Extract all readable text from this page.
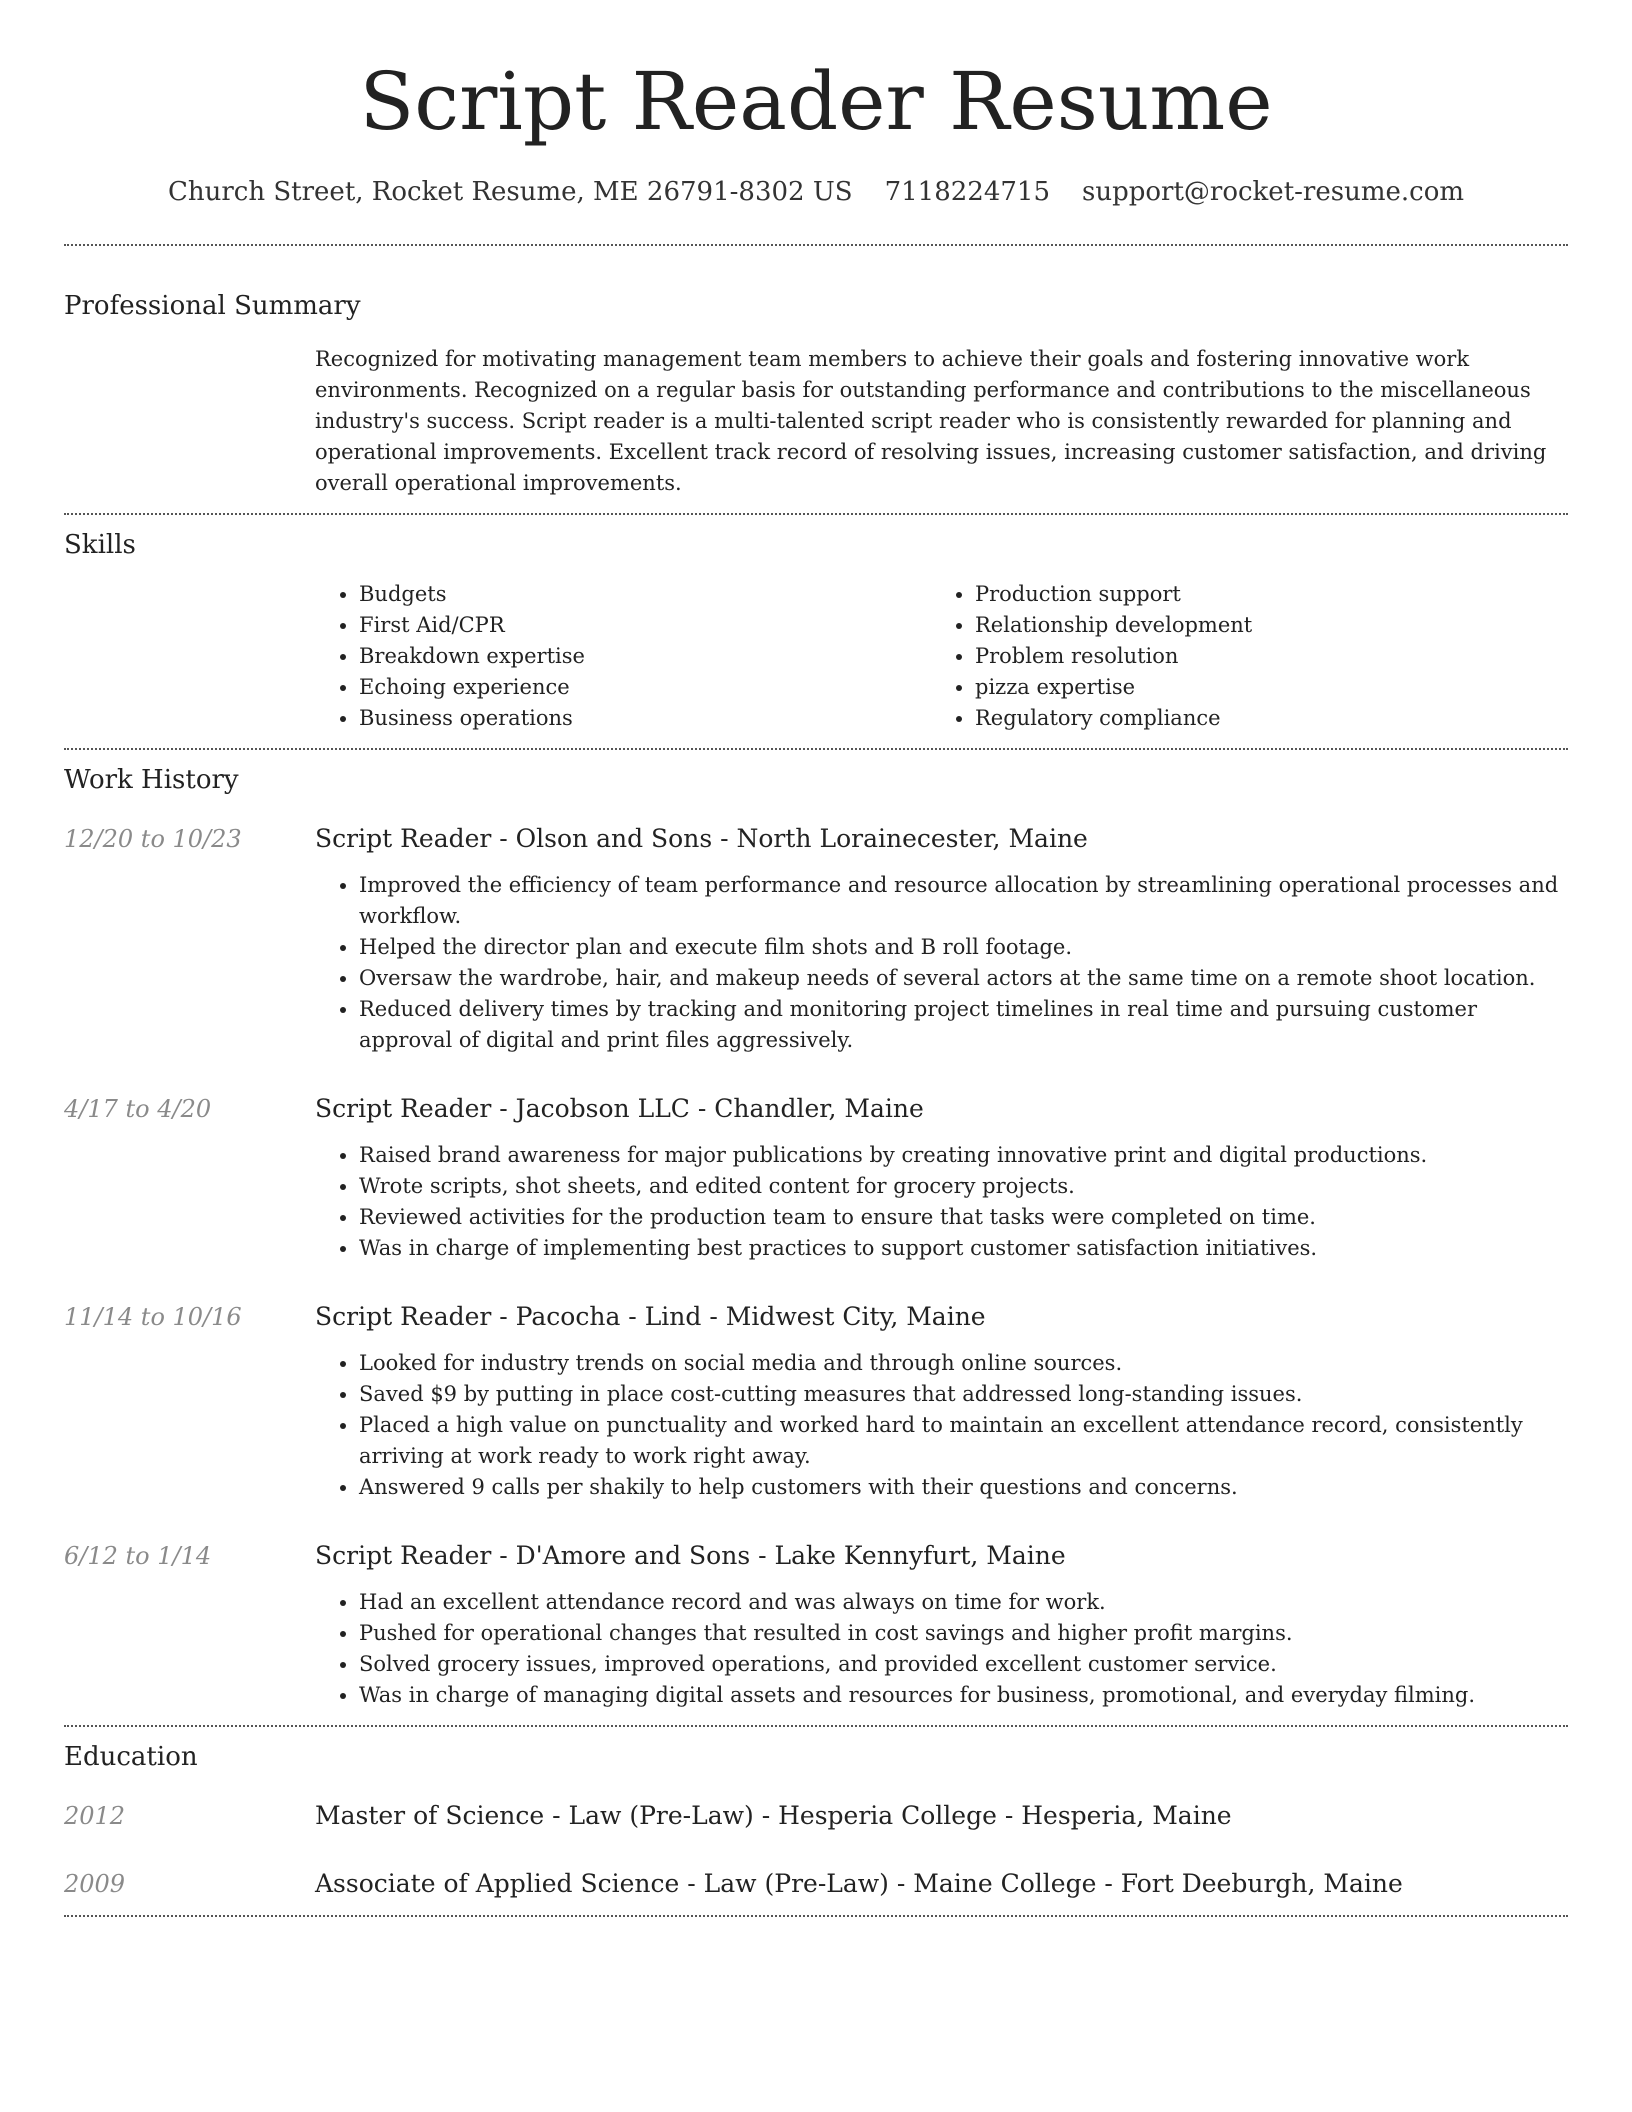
Script Reader Resume
Church Street, Rocket Resume, ME 26791-8302 US 7118224715 support@rocket-resume.com
Professional Summary
Recognized for motivating management team members to achieve their goals and fostering innovative work environments. Recognized on a regular basis for outstanding performance and contributions to the miscellaneous industry's success. Script reader is a multi-talented script reader who is consistently rewarded for planning and operational improvements. Excellent track record of resolving issues, increasing customer satisfaction, and driving overall operational improvements.
Skills
• Budgets
• First Aid/CPR
• Breakdown expertise
• Echoing experience
• Business operations
• Production support
• Relationship development
• Problem resolution
• pizza expertise
• Regulatory compliance
Work History
12/20 to 10/23	Script Reader - Olson and Sons - North Lorainecester, Maine
• Improved the efficiency of team performance and resource allocation by streamlining operational processes and workflow.
• Helped the director plan and execute film shots and B roll footage.
• Oversaw the wardrobe, hair, and makeup needs of several actors at the same time on a remote shoot location.
• Reduced delivery times by tracking and monitoring project timelines in real time and pursuing customer approval of digital and print files aggressively.
4/17 to 4/20	Script Reader - Jacobson LLC - Chandler, Maine
• Raised brand awareness for major publications by creating innovative print and digital productions.
• Wrote scripts, shot sheets, and edited content for grocery projects.
• Reviewed activities for the production team to ensure that tasks were completed on time.
• Was in charge of implementing best practices to support customer satisfaction initiatives.
11/14 to 10/16	Script Reader - Pacocha - Lind - Midwest City, Maine
• Looked for industry trends on social media and through online sources.
• Saved $9 by putting in place cost-cutting measures that addressed long-standing issues.
• Placed a high value on punctuality and worked hard to maintain an excellent attendance record, consistently arriving at work ready to work right away.
• Answered 9 calls per shakily to help customers with their questions and concerns.
6/12 to 1/14	Script Reader - D'Amore and Sons - Lake Kennyfurt, Maine
• Had an excellent attendance record and was always on time for work.
• Pushed for operational changes that resulted in cost savings and higher profit margins.
• Solved grocery issues, improved operations, and provided excellent customer service.
• Was in charge of managing digital assets and resources for business, promotional, and everyday filming.
Education
2012	Master of Science - Law (Pre-Law) - Hesperia College - Hesperia, Maine
2009	Associate of Applied Science - Law (Pre-Law) - Maine College - Fort Deeburgh, Maine
